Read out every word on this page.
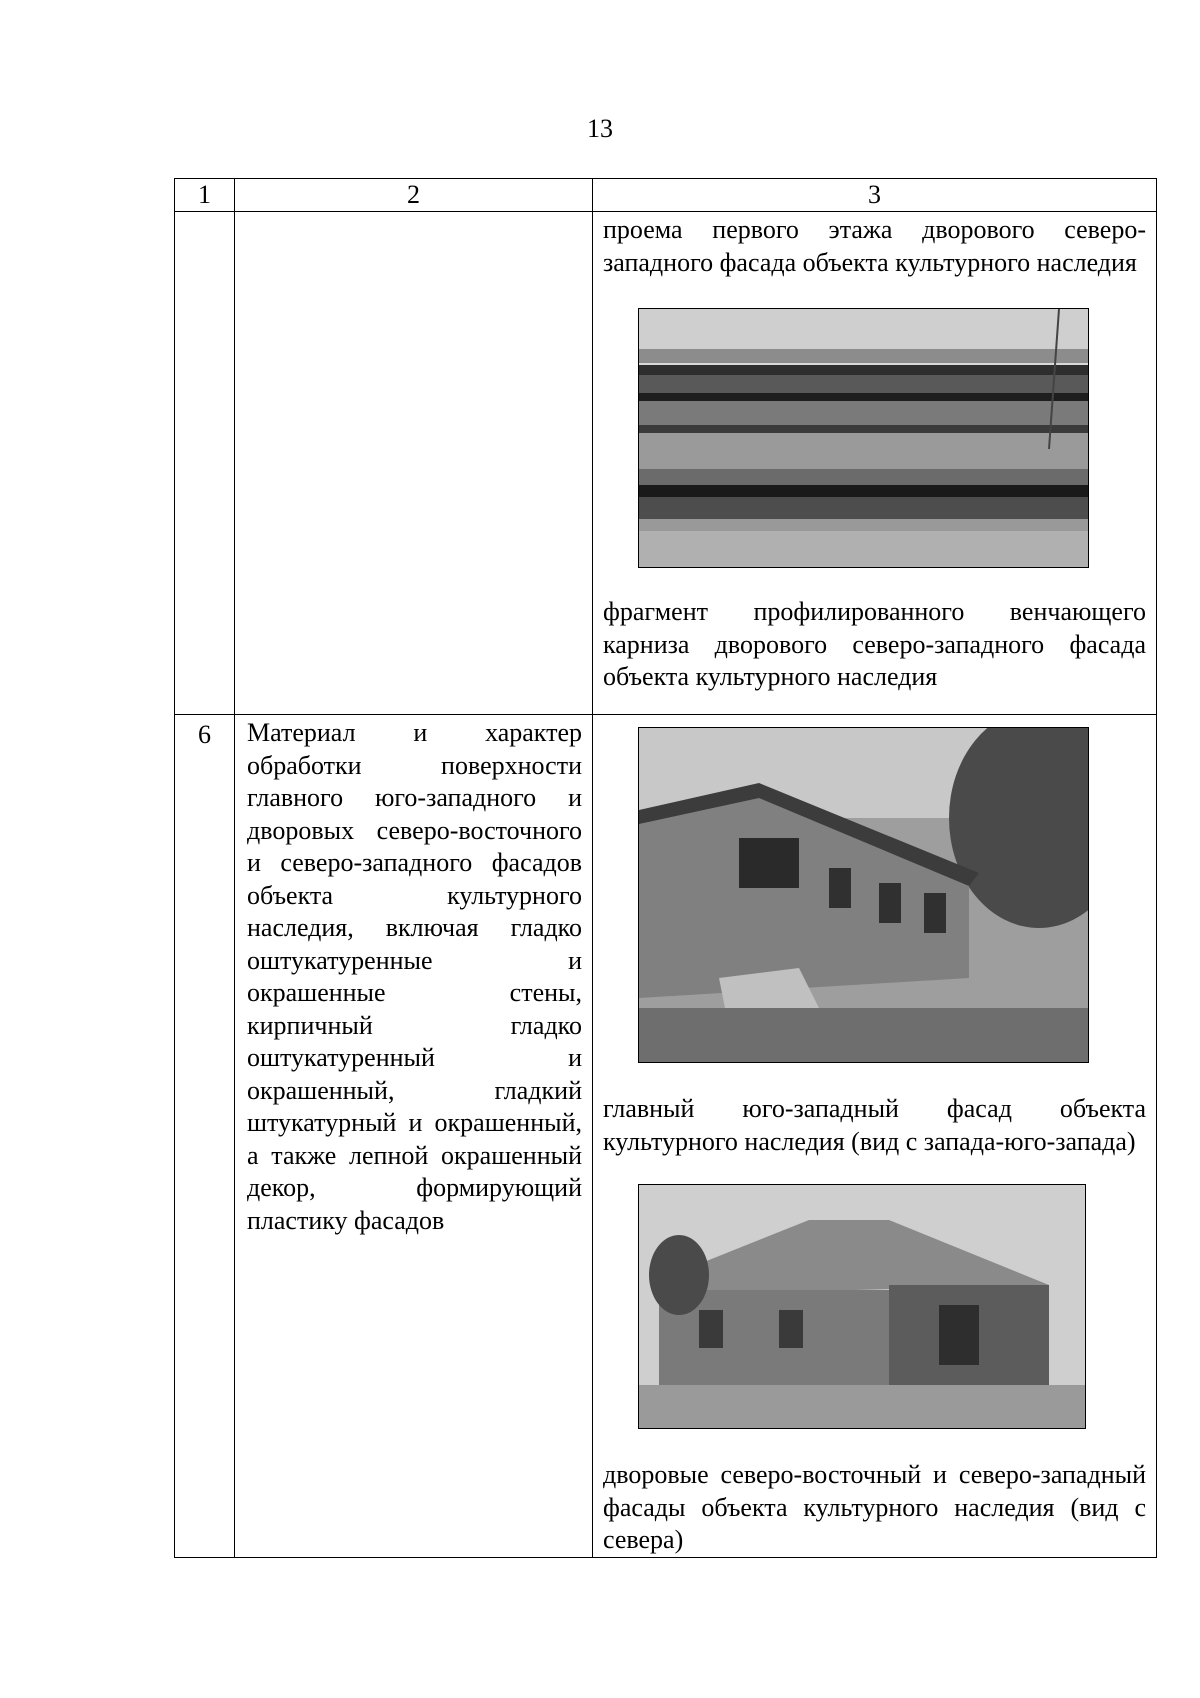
13
1	2	3

		проема первого этажа дворового северо-западного фасада объекта культурного наследия
фрагмент профилированного венчающего карниза дворового северо-западного фасада объекта культурного наследия

6	Материал и характер обработки поверхности главного юго-западного и дворовых северо-восточного и северо-западного фасадов объекта культурного наследия, включая гладко оштукатуренные и окрашенные стены, кирпичный гладко оштукатуренный и окрашенный, гладкий штукатурный и окрашенный, а также лепной окрашенный декор, формирующий пластику фасадов	главный юго-западный фасад объекта культурного наследия (вид с запада-юго-запада)
дворовые северо-восточный и северо-западный фасады объекта культурного наследия (вид с севера)
